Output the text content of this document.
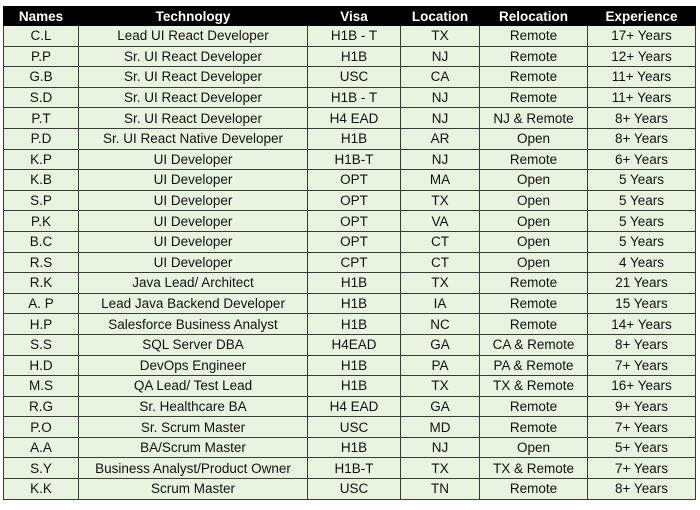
Names	Technology	Visa	Location	Relocation	Experience
C.L	Lead UI React Developer	H1B - T	TX	Remote	17+ Years
P.P	Sr. UI React Developer	H1B	NJ	Remote	12+ Years
G.B	Sr. UI React Developer	USC	CA	Remote	11+ Years
S.D	Sr. UI React Developer	H1B - T	NJ	Remote	11+ Years
P.T	Sr. UI React Developer	H4 EAD	NJ	NJ & Remote	8+ Years
P.D	Sr. UI React Native Developer	H1B	AR	Open	8+ Years
K.P	UI Developer	H1B-T	NJ	Remote	6+ Years
K.B	UI Developer	OPT	MA	Open	5 Years
S.P	UI Developer	OPT	TX	Open	5 Years
P.K	UI Developer	OPT	VA	Open	5 Years
B.C	UI Developer	OPT	CT	Open	5 Years
R.S	UI Developer	CPT	CT	Open	4 Years
R.K	Java Lead/ Architect	H1B	TX	Remote	21 Years
A. P	Lead Java Backend Developer	H1B	IA	Remote	15 Years
H.P	Salesforce Business Analyst	H1B	NC	Remote	14+ Years
S.S	SQL Server DBA	H4EAD	GA	CA & Remote	8+ Years
H.D	DevOps Engineer	H1B	PA	PA & Remote	7+ Years
M.S	QA Lead/ Test Lead	H1B	TX	TX & Remote	16+ Years
R.G	Sr. Healthcare BA	H4 EAD	GA	Remote	9+ Years
P.O	Sr. Scrum Master	USC	MD	Remote	7+ Years
A.A	BA/Scrum Master	H1B	NJ	Open	5+ Years
S.Y	Business Analyst/Product Owner	H1B-T	TX	TX & Remote	7+ Years
K.K	Scrum Master	USC	TN	Remote	8+ Years
